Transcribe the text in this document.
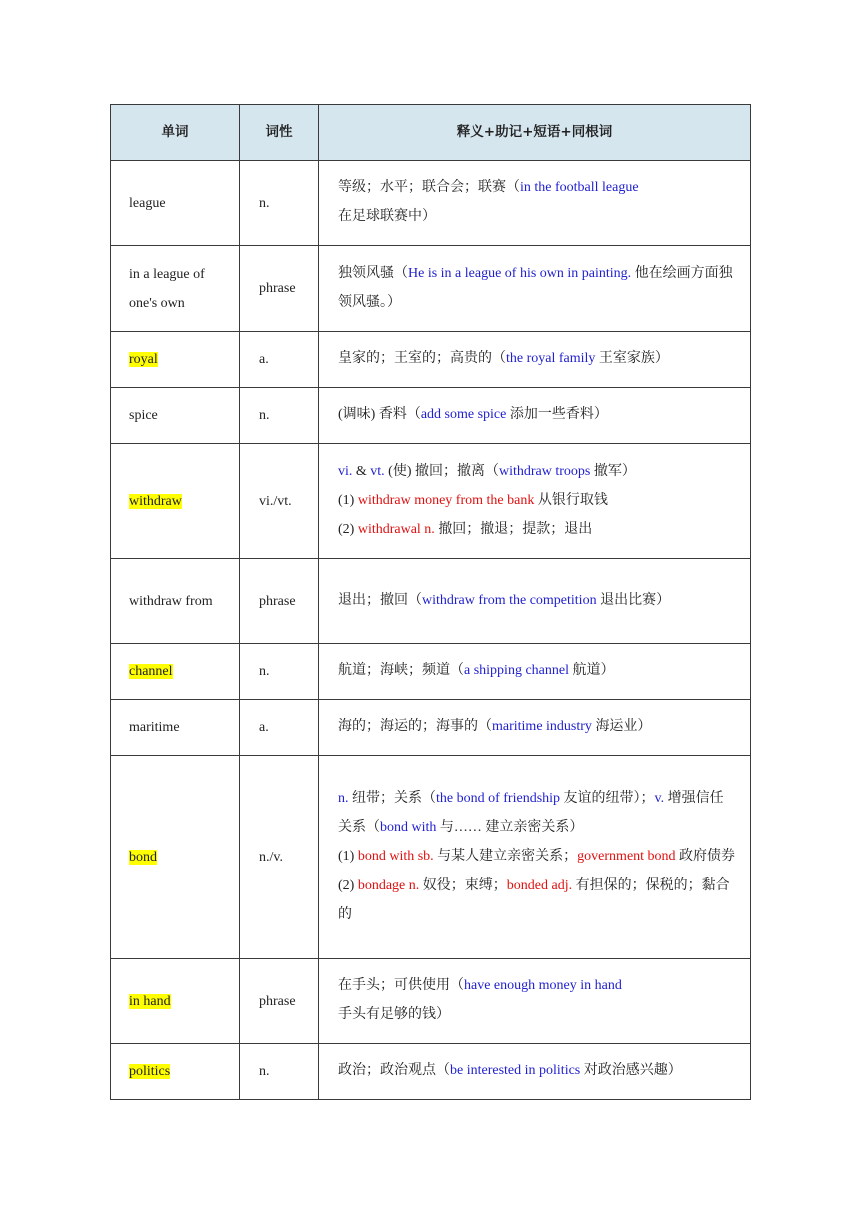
单词	词性	释义+助记+短语+同根词
league	n.	等级；水平；联合会；联赛（in the football league 在足球联赛中）
in a league of one's own	phrase	独领风骚（He is in a league of his own in painting. 他在绘画方面独领风骚。）
royal	a.	皇家的；王室的；高贵的（the royal family 王室家族）
spice	n.	(调味) 香料（add some spice 添加一些香料）
withdraw	vi./vt.	vi. & vt. (使) 撤回；撤离（withdraw troops 撤军）
(1) withdraw money from the bank 从银行取钱
(2) withdrawal n. 撤回；撤退；提款；退出

withdraw from	phrase	退出；撤回（withdraw from the competition 退出比赛）
channel	n.	航道；海峡；频道（a shipping channel 航道）
maritime	a.	海的；海运的；海事的（maritime industry 海运业）
bond	n./v.	n. 纽带；关系（the bond of friendship 友谊的纽带）；v. 增强信任关系（bond with 与…… 建立亲密关系）
(1) bond with sb. 与某人建立亲密关系；government bond 政府债券
(2) bondage n. 奴役；束缚；bonded adj. 有担保的；保税的；黏合的

in hand	phrase	在手头；可供使用（have enough money in hand 手头有足够的钱）
politics	n.	政治；政治观点（be interested in politics 对政治感兴趣）
